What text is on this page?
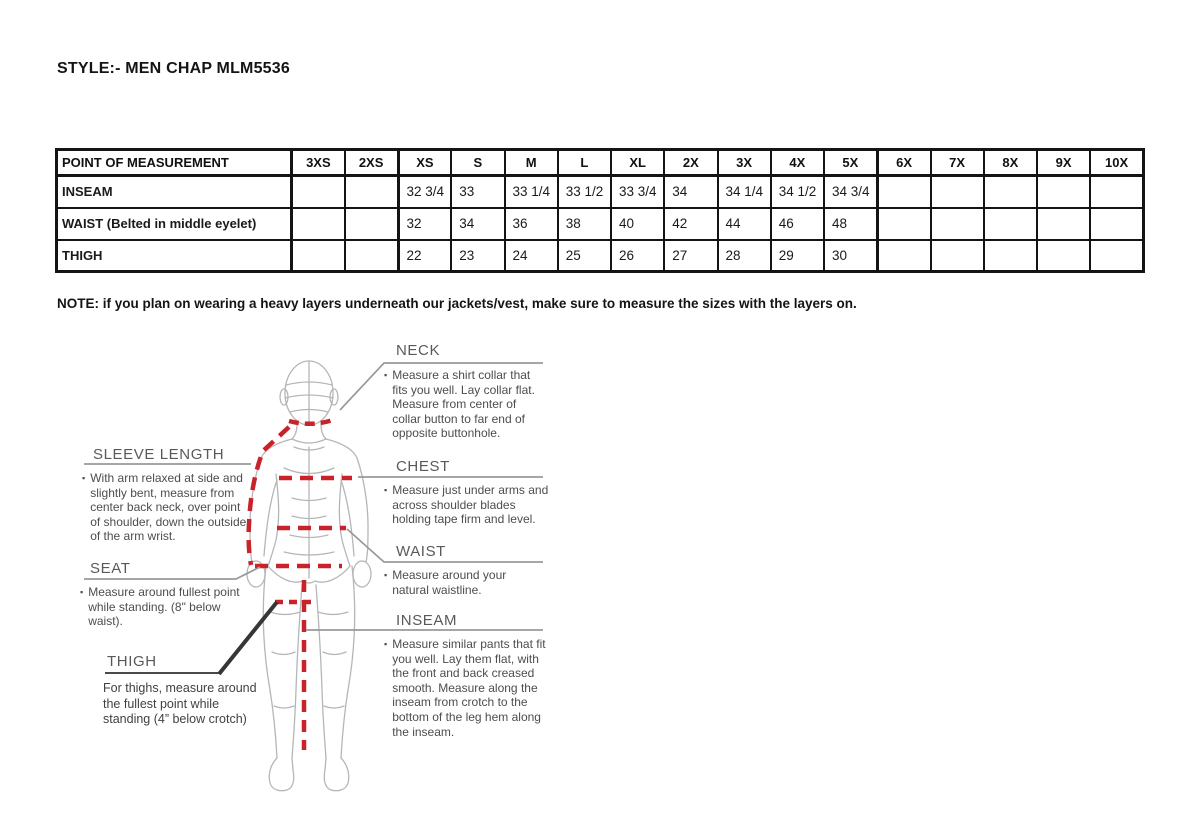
STYLE:- MEN CHAP MLM5536
POINT OF MEASUREMENT	3XS	2XS	XS	S	M	L	XL	2X	3X	4X	5X	6X	7X	8X	9X	10X
INSEAM			32 3/4	33	33 1/4	33 1/2	33 3/4	34	34 1/4	34 1/2	34 3/4					
WAIST (Belted in middle eyelet)			32	34	36	38	40	42	44	46	48					
THIGH			22	23	24	25	26	27	28	29	30					
NOTE: if you plan on wearing a heavy layers underneath our jackets/vest, make sure to measure the sizes with the layers on.
NECK
▪ Measure a shirt collar that fits you well. Lay collar flat. Measure from center of collar button to far end of opposite buttonhole.
SLEEVE LENGTH
▪ With arm relaxed at side and slightly bent, measure from center back neck, over point of shoulder, down the outside of the arm wrist.
CHEST
▪ Measure just under arms and across shoulder blades holding tape firm and level.
WAIST
▪ Measure around your natural waistline.
SEAT
▪ Measure around fullest point while standing. (8" below waist).	INSEAM
▪ Measure similar pants that fit you well. Lay them flat, with the front and back creased smooth. Measure along the inseam from crotch to the bottom of the leg hem along the inseam.
THIGH
For thighs, measure around the fullest point while standing (4” below crotch)
